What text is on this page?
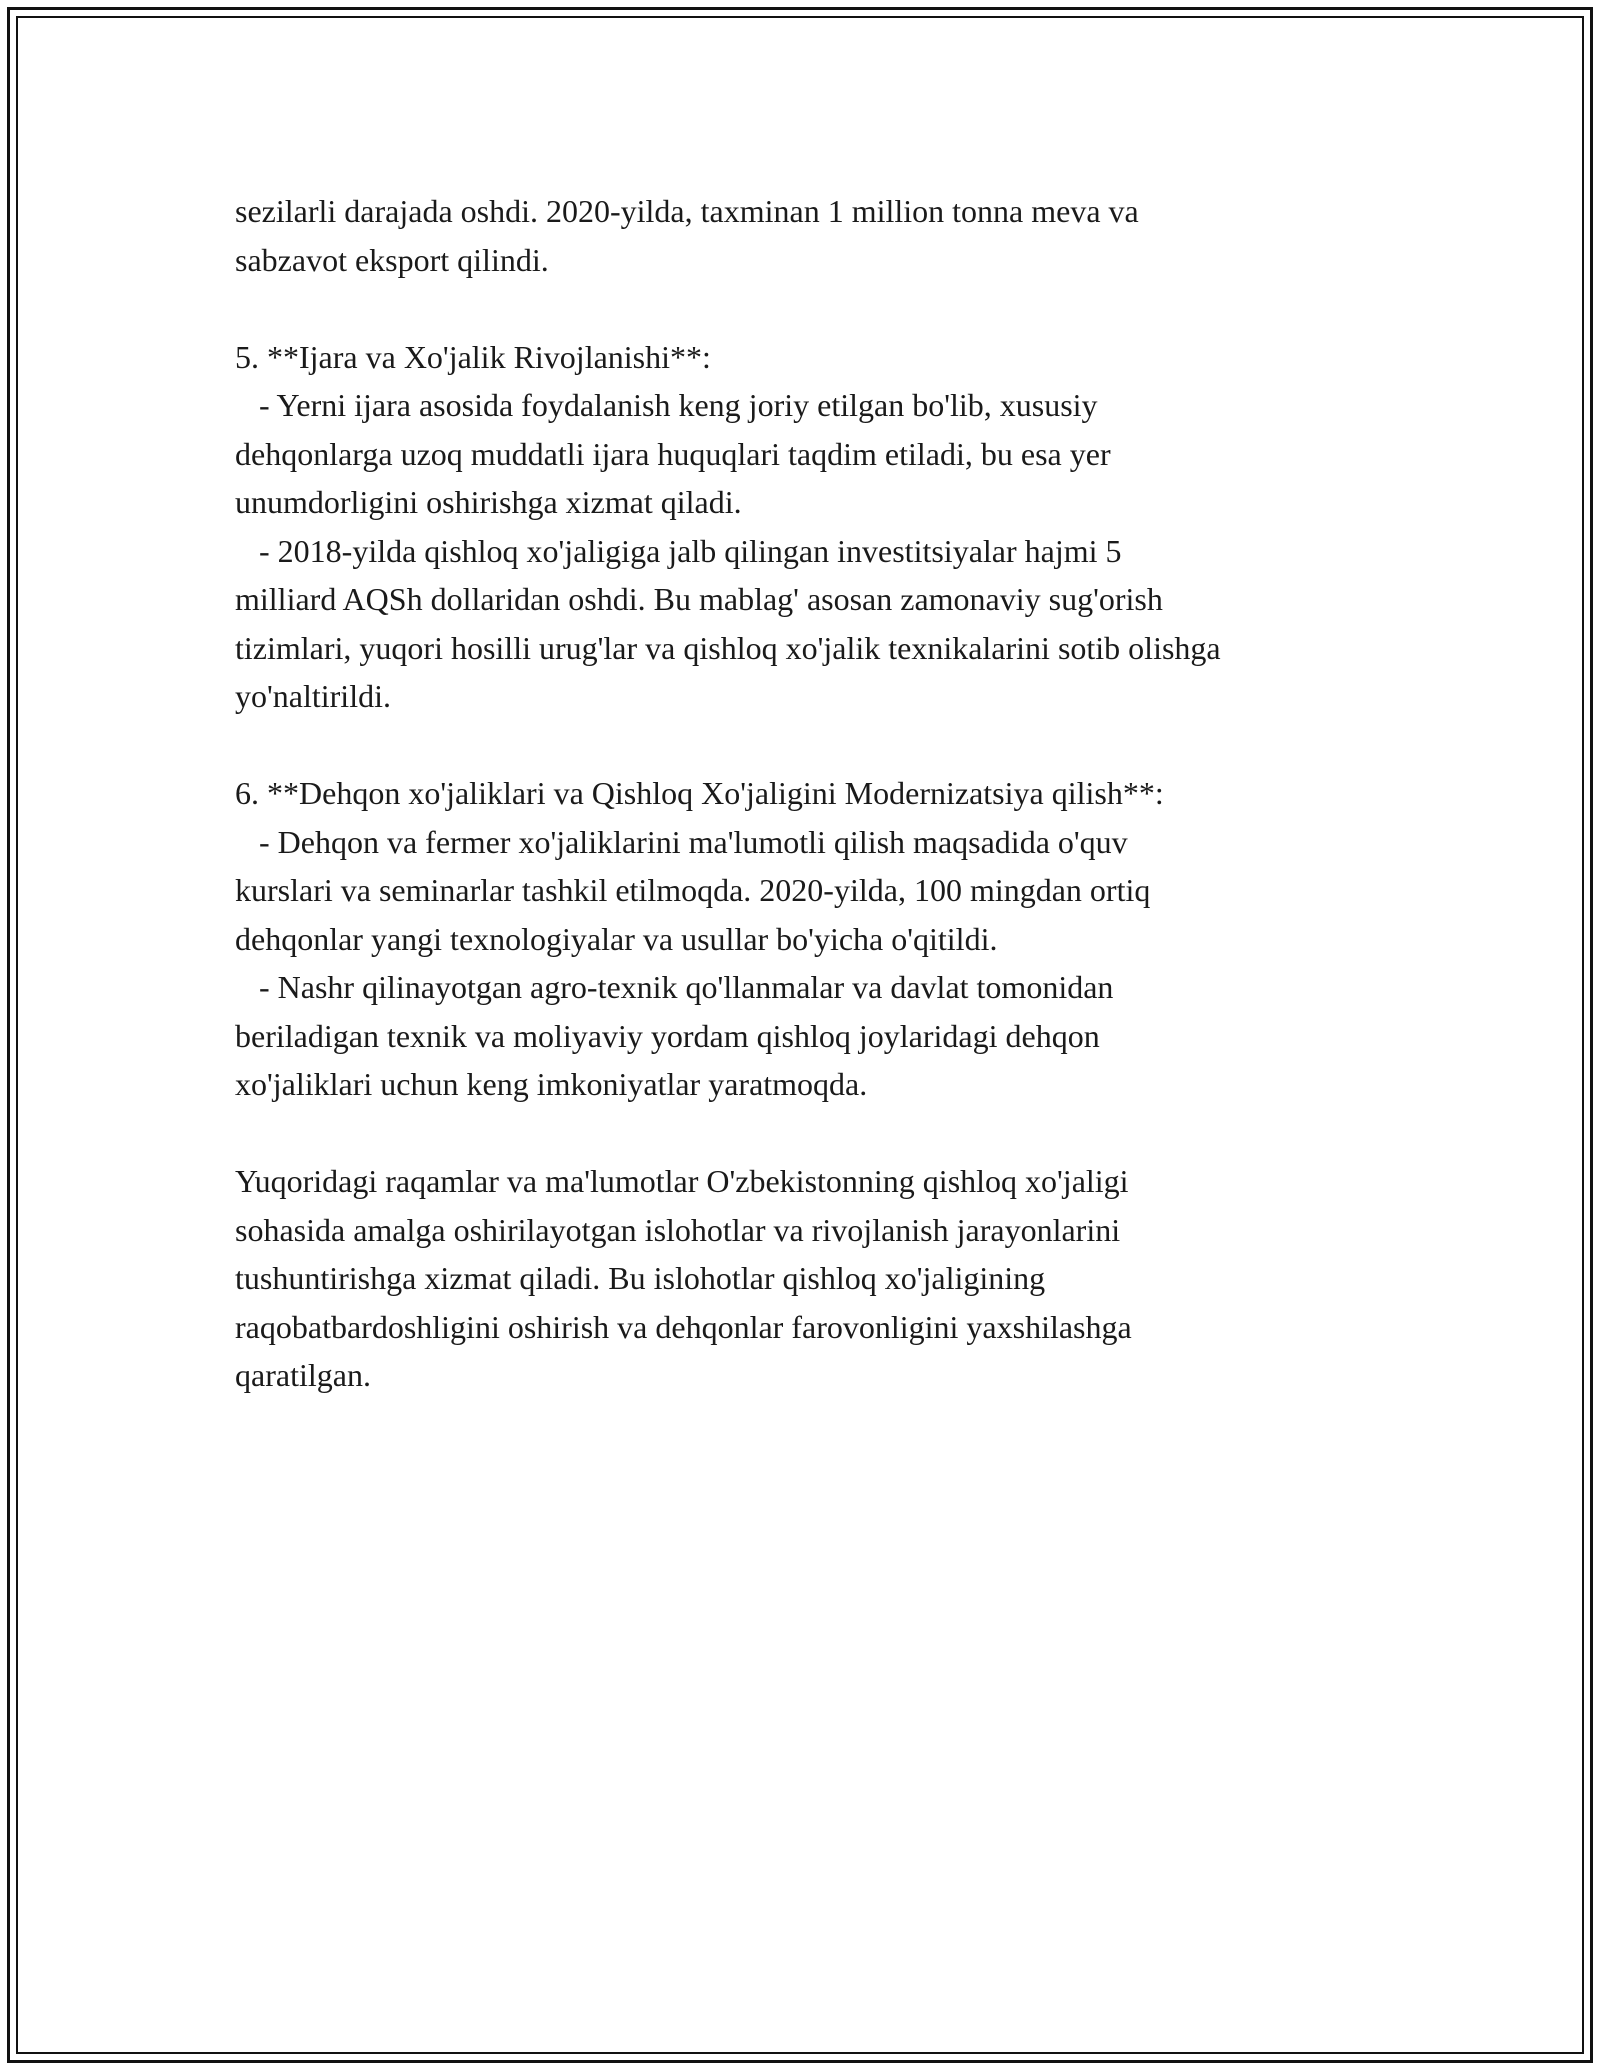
sezilarli darajada oshdi. 2020-yilda, taxminan 1 million tonna meva va
sabzavot eksport qilindi.
5. **Ijara va Xo'jalik Rivojlanishi**:
- Yerni ijara asosida foydalanish keng joriy etilgan bo'lib, xususiy
dehqonlarga uzoq muddatli ijara huquqlari taqdim etiladi, bu esa yer
unumdorligini oshirishga xizmat qiladi.
- 2018-yilda qishloq xo'jaligiga jalb qilingan investitsiyalar hajmi 5
milliard AQSh dollaridan oshdi. Bu mablag' asosan zamonaviy sug'orish
tizimlari, yuqori hosilli urug'lar va qishloq xo'jalik texnikalarini sotib olishga
yo'naltirildi.
6. **Dehqon xo'jaliklari va Qishloq Xo'jaligini Modernizatsiya qilish**:
- Dehqon va fermer xo'jaliklarini ma'lumotli qilish maqsadida o'quv
kurslari va seminarlar tashkil etilmoqda. 2020-yilda, 100 mingdan ortiq
dehqonlar yangi texnologiyalar va usullar bo'yicha o'qitildi.
- Nashr qilinayotgan agro-texnik qo'llanmalar va davlat tomonidan
beriladigan texnik va moliyaviy yordam qishloq joylaridagi dehqon
xo'jaliklari uchun keng imkoniyatlar yaratmoqda.
Yuqoridagi raqamlar va ma'lumotlar O'zbekistonning qishloq xo'jaligi
sohasida amalga oshirilayotgan islohotlar va rivojlanish jarayonlarini
tushuntirishga xizmat qiladi. Bu islohotlar qishloq xo'jaligining
raqobatbardoshligini oshirish va dehqonlar farovonligini yaxshilashga
qaratilgan.
